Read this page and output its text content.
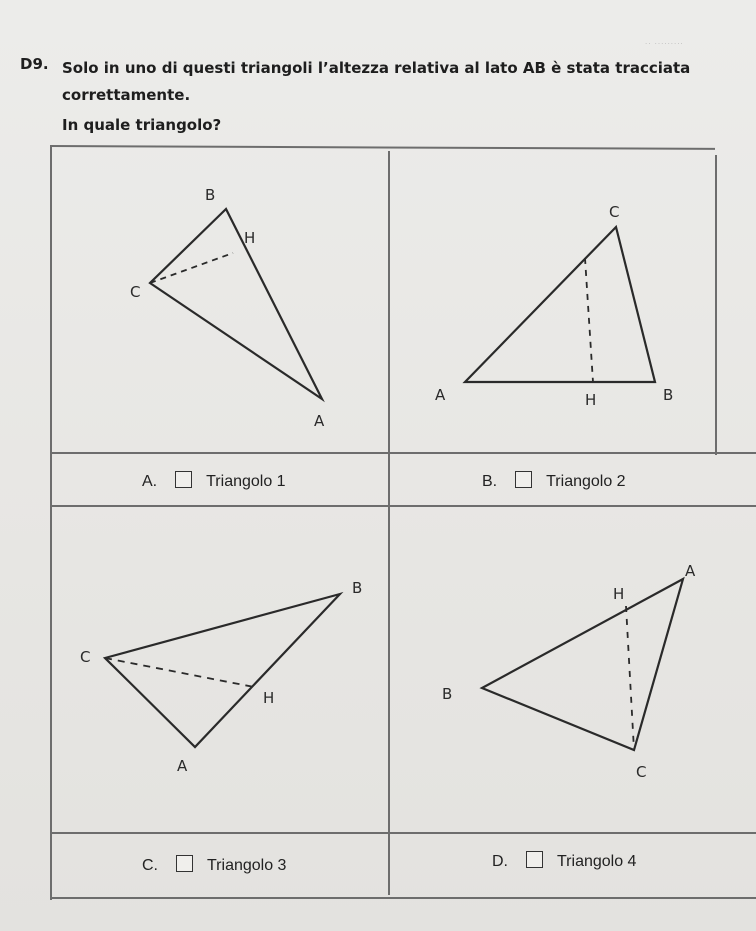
·· ·········
D9. Solo in uno di questi triangoli l’altezza relativa al lato AB è stata tracciata correttamente.
In quale triangolo?
B
H
C
A
C
A	H	B
A.	Triangolo 1	B.	Triangolo 2
B
C
H
A
A
H
B
C
C.	Triangolo 3	D.	Triangolo 4
